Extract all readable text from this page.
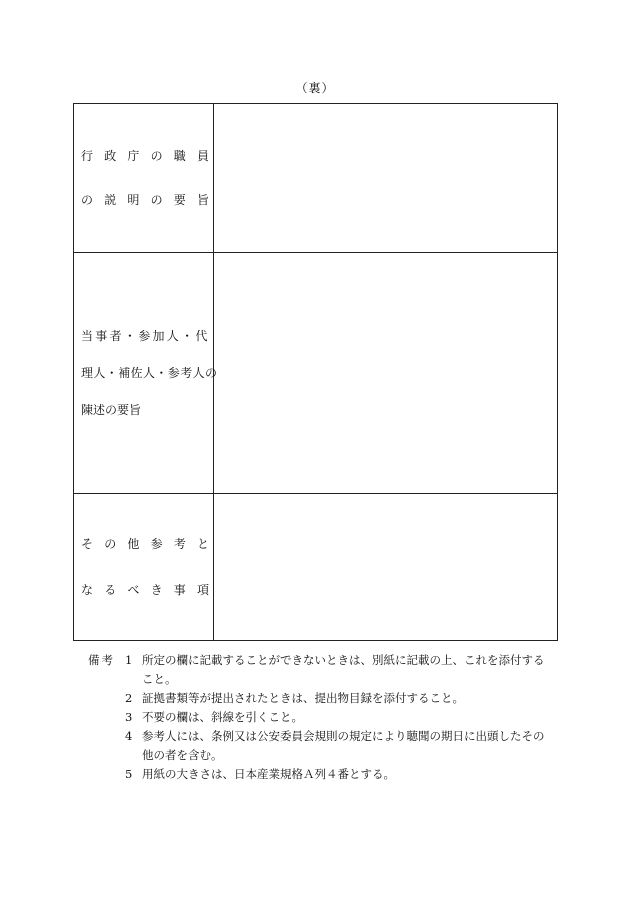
（裏）
行政庁の職員
の説明の要旨	

当事者・参加人・代
理人・補佐人・参考人の
陳述の要旨	

その他参考と
なるべき事項	

備考 1 所定の欄に記載することができないときは、別紙に記載の上、これを添付する
こと。
2 証拠書類等が提出されたときは、提出物目録を添付すること。
3 不要の欄は、斜線を引くこと。
4 参考人には、条例又は公安委員会規則の規定により聴聞の期日に出頭したその
他の者を含む。
5 用紙の大きさは、日本産業規格Ａ列４番とする。
